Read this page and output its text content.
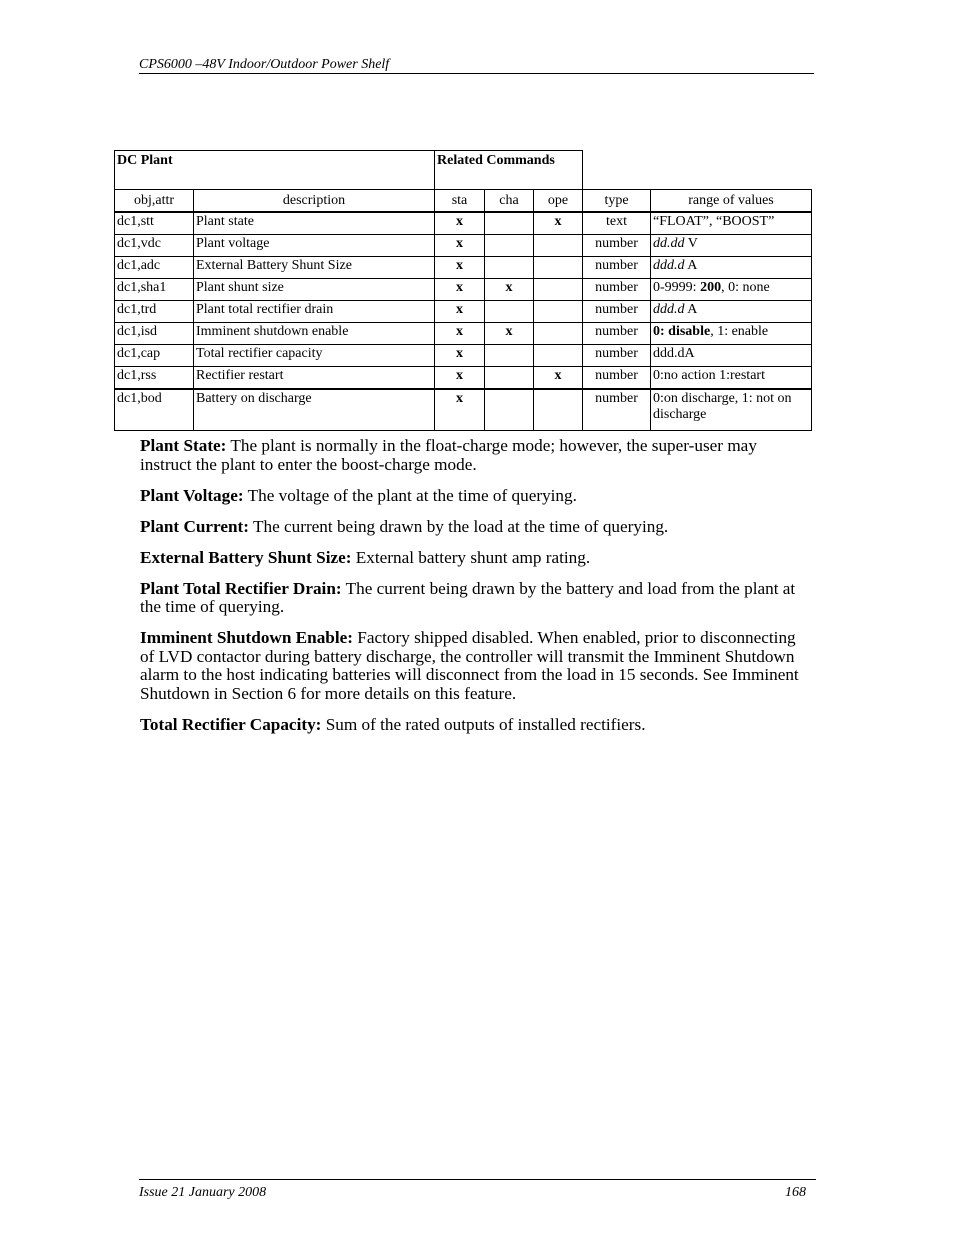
CPS6000 –48V Indoor/Outdoor Power Shelf
DC Plant		Related Commands				
obj,attr	description	sta	cha	ope	type	range of values
dc1,stt	Plant state	x		x	text	“FLOAT”, “BOOST”
dc1,vdc	Plant voltage	x			number	dd.dd V
dc1,adc	External Battery Shunt Size	x			number	ddd.d A
dc1,sha1	Plant shunt size	x	x		number	0-9999: 200, 0: none
dc1,trd	Plant total rectifier drain	x			number	ddd.d A
dc1,isd	Imminent shutdown enable	x	x		number	0: disable, 1: enable
dc1,cap	Total rectifier capacity	x			number	ddd.dA
dc1,rss	Rectifier restart	x		x	number	0:no action 1:restart
dc1,bod	Battery on discharge	x			number	0:on discharge, 1: not on discharge

Plant State: The plant is normally in the float-charge mode; however, the super-user may instruct the plant to enter the boost-charge mode.

Plant Voltage: The voltage of the plant at the time of querying.

Plant Current: The current being drawn by the load at the time of querying.

External Battery Shunt Size: External battery shunt amp rating.

Plant Total Rectifier Drain: The current being drawn by the battery and load from the plant at the time of querying.

Imminent Shutdown Enable: Factory shipped disabled. When enabled, prior to disconnecting of LVD contactor during battery discharge, the controller will transmit the Imminent Shutdown alarm to the host indicating batteries will disconnect from the load in 15 seconds. See Imminent Shutdown in Section 6 for more details on this feature.

Total Rectifier Capacity: Sum of the rated outputs of installed rectifiers.

Issue 21 January 2008	168
